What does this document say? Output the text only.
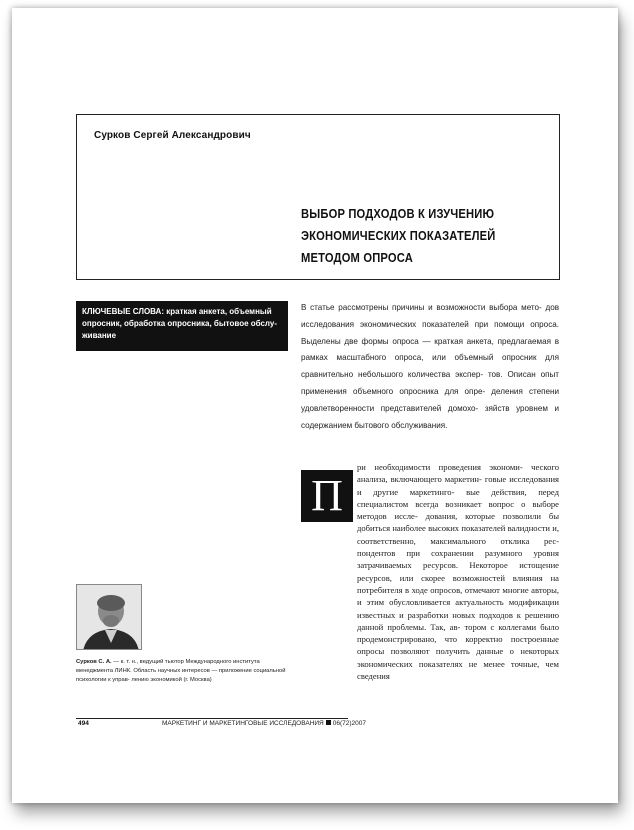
Сурков Сергей Александрович
ВЫБОР ПОДХОДОВ К ИЗУЧЕНИЮ
ЭКОНОМИЧЕСКИХ ПОКАЗАТЕЛЕЙ
МЕТОДОМ ОПРОСА
КЛЮЧЕВЫЕ СЛОВА: краткая анкета, объемный опросник, обработка опросника, бытовое обслу- живание
В статье рассмотрены причины и возможности выбора мето- дов исследования экономических показателей при помощи опроса. Выделены две формы опроса — краткая анкета, предлагаемая в рамках масштабного опроса, или объемный опросник для сравнительно небольшого количества экспер- тов. Описан опыт применения объемного опросника для опре- деления степени удовлетворенности представителей домохо- зяйств уровнем и содержанием бытового обслуживания.
П
ри необходимости проведения экономи- ческого анализа, включающего маркетин- говые исследования и другие маркетинго- вые действия, перед специалистом всегда возникает вопрос о выборе методов иссле- дования, которые позволили бы добиться наиболее высоких показателей валидности и, соответственно, максимального отклика рес- пондентов при сохранении разумного уровня затрачиваемых ресурсов. Некоторое истощение ресурсов, или скорее возможностей влияния на потребителя в ходе опросов, отмечают многие авторы, и этим обусловливается актуальность модификации известных и разработки новых подходов к решению данной проблемы. Так, ав- тором с коллегами было продемонстрировано, что корректно построенные опросы позволяют получить данные о некоторых экономических показателях не менее точные, чем сведения
Сурков С. А. — к. т. н., ведущий тьютор Международного института менеджмента ЛИНК. Область научных интересов — приложение социальной психологии к управ- лению экономикой (г. Москва)
494	МАРКЕТИНГ И МАРКЕТИНГОВЫЕ ИССЛЕДОВАНИЯ 06(72)2007
